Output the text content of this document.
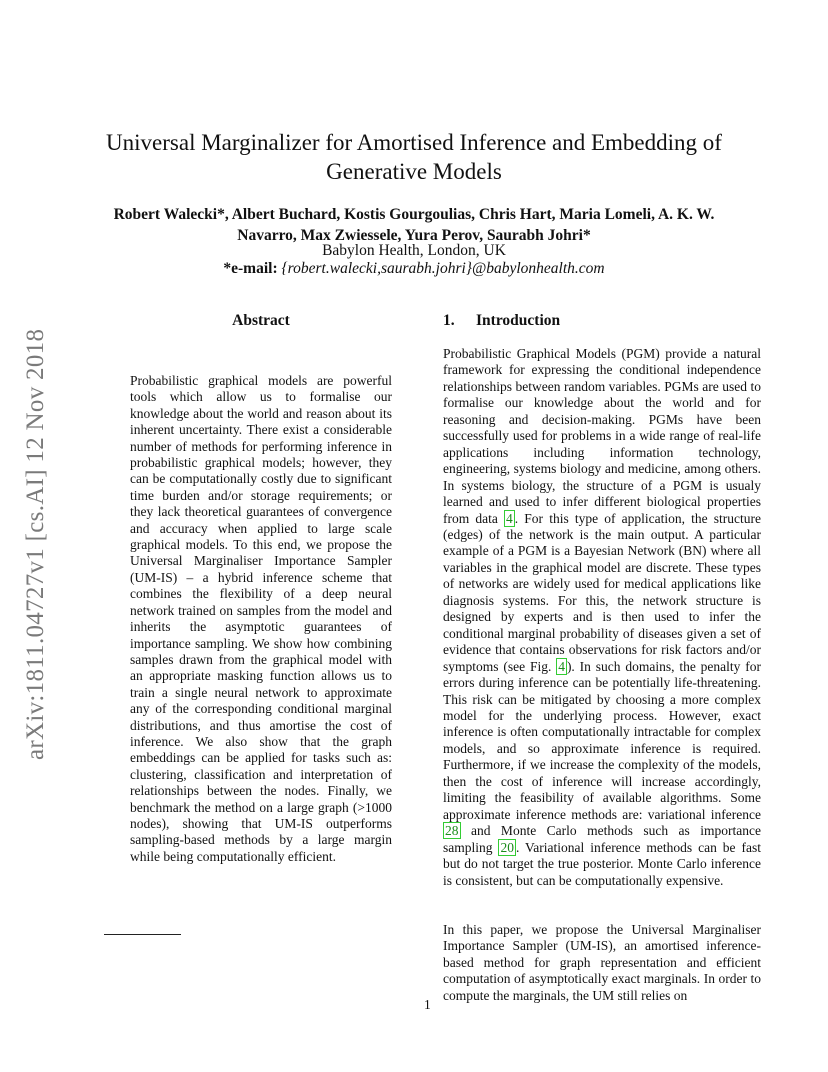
Universal Marginalizer for Amortised Inference and Embedding of Generative Models
Robert Walecki*, Albert Buchard, Kostis Gourgoulias, Chris Hart, Maria Lomeli, A. K. W. Navarro, Max Zwiessele, Yura Perov, Saurabh Johri*
Babylon Health, London, UK
*e-mail: {robert.walecki,saurabh.johri}@babylonhealth.com
arXiv:1811.04727v1 [cs.AI] 12 Nov 2018
Abstract
Probabilistic graphical models are powerful tools which allow us to formalise our knowledge about the world and reason about its inherent uncertainty. There exist a considerable number of methods for performing inference in probabilistic graphical models; however, they can be computationally costly due to significant time burden and/or storage requirements; or they lack theoretical guarantees of convergence and accuracy when applied to large scale graphical models. To this end, we propose the Universal Marginaliser Importance Sampler (UM-IS) – a hybrid inference scheme that combines the flexibility of a deep neural network trained on samples from the model and inherits the asymptotic guarantees of importance sampling. We show how combining samples drawn from the graphical model with an appropriate masking function allows us to train a single neural network to approximate any of the corresponding conditional marginal distributions, and thus amortise the cost of inference. We also show that the graph embeddings can be applied for tasks such as: clustering, classification and interpretation of relationships between the nodes. Finally, we benchmark the method on a large graph (>1000 nodes), showing that UM-IS outperforms sampling-based methods by a large margin while being computationally efficient.
1. Introduction
Probabilistic Graphical Models (PGM) provide a natural framework for expressing the conditional independence relationships between random variables. PGMs are used to formalise our knowledge about the world and for reasoning and decision-making. PGMs have been successfully used for problems in a wide range of real-life applications including information technology, engineering, systems biology and medicine, among others. In systems biology, the structure of a PGM is usualy learned and used to infer different biological properties from data 4 . For this type of application, the structure (edges) of the network is the main output. A particular example of a PGM is a Bayesian Network (BN) where all variables in the graphical model are discrete. These types of networks are widely used for medical applications like diagnosis systems. For this, the network structure is designed by experts and is then used to infer the conditional marginal probability of diseases given a set of evidence that contains observations for risk factors and/or symptoms (see Fig. 4 ). In such domains, the penalty for errors during inference can be potentially life-threatening. This risk can be mitigated by choosing a more complex model for the underlying process. However, exact inference is often computationally intractable for complex models, and so approximate inference is required. Furthermore, if we increase the complexity of the models, then the cost of inference will increase accordingly, limiting the feasibility of available algorithms. Some approximate inference methods are: variational inference 28 and Monte Carlo methods such as importance sampling 20 . Variational inference methods can be fast but do not target the true posterior. Monte Carlo inference is consistent, but can be computationally expensive.
In this paper, we propose the Universal Marginaliser Importance Sampler (UM-IS), an amortised inference-based method for graph representation and efficient computation of asymptotically exact marginals. In order to compute the marginals, the UM still relies on
1
